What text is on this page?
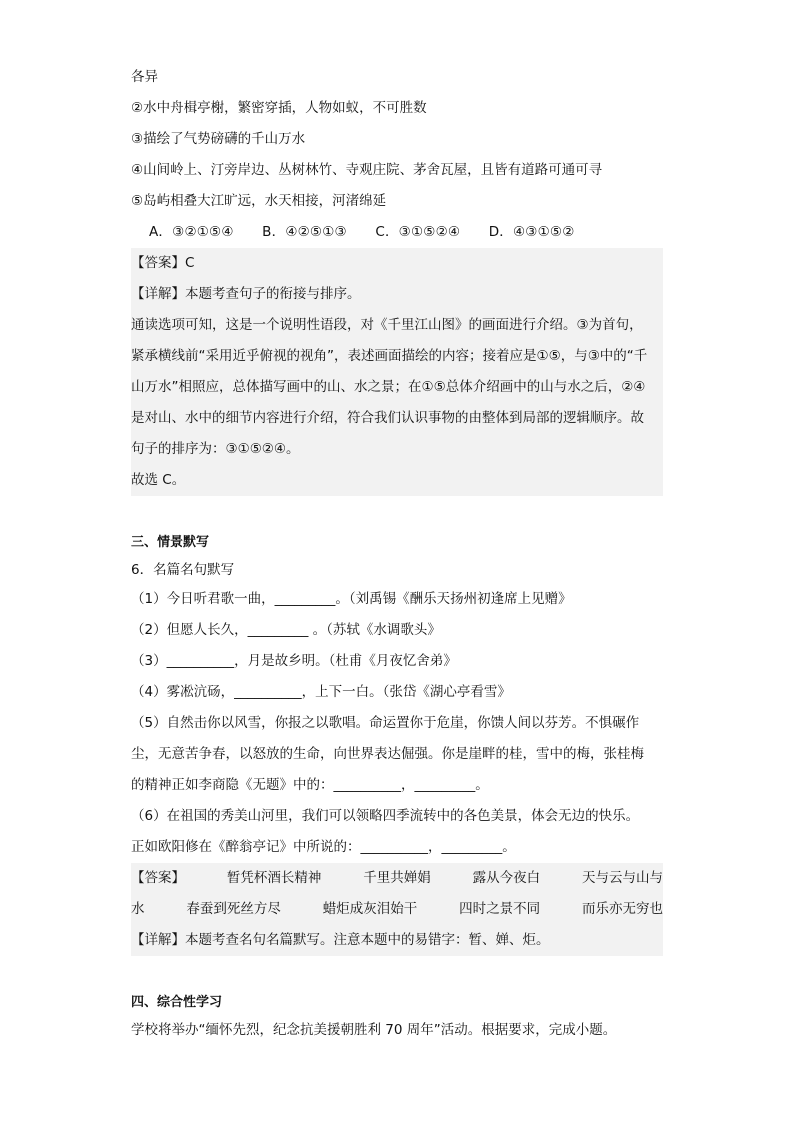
各异
②水中舟楫亭榭，繁密穿插，人物如蚁，不可胜数
③描绘了气势磅礴的千山万水
④山间岭上、汀旁岸边、丛树林竹、寺观庄院、茅舍瓦屋，且皆有道路可通可寻
⑤岛屿相叠大江旷远，水天相接，河渚绵延
A．③②①⑤④ B．④②⑤①③ C．③①⑤②④ D．④③①⑤②
【答案】C
【详解】本题考查句子的衔接与排序。
通读选项可知，这是一个说明性语段，对《千里江山图》的画面进行介绍。③为首句，
紧承横线前“采用近乎俯视的视角”，表述画面描绘的内容；接着应是①⑤，与③中的“千
山万水”相照应，总体描写画中的山、水之景；在①⑤总体介绍画中的山与水之后，②④
是对山、水中的细节内容进行介绍，符合我们认识事物的由整体到局部的逻辑顺序。故
句子的排序为：③①⑤②④。
故选 C。
三、情景默写
6．名篇名句默写
（1）今日听君歌一曲，_________。（刘禹锡《酬乐天扬州初逢席上见赠》
（2）但愿人长久，_________ 。（苏轼《水调歌头》
（3）__________，月是故乡明。（杜甫《月夜忆舍弟》
（4）雾凇沆砀，__________，上下一白。（张岱《湖心亭看雪》
（5）自然击你以风雪，你报之以歌唱。命运置你于危崖，你馈人间以芬芳。不惧碾作
尘，无意苦争春，以怒放的生命，向世界表达倔强。你是崖畔的桂，雪中的梅，张桂梅
的精神正如李商隐《无题》中的：__________，_________。
（6）在祖国的秀美山河里，我们可以领略四季流转中的各色美景，体会无边的快乐。
正如欧阳修在《醉翁亭记》中所说的：__________，_________。
【答案】	暂凭杯酒长精神	千里共婵娟	露从今夜白	天与云与山与
水	春蚕到死丝方尽	蜡炬成灰泪始干	四时之景不同	而乐亦无穷也
【详解】本题考查名句名篇默写。注意本题中的易错字：暂、婵、炬。
四、综合性学习
学校将举办“缅怀先烈，纪念抗美援朝胜利 70 周年”活动。根据要求，完成小题。
